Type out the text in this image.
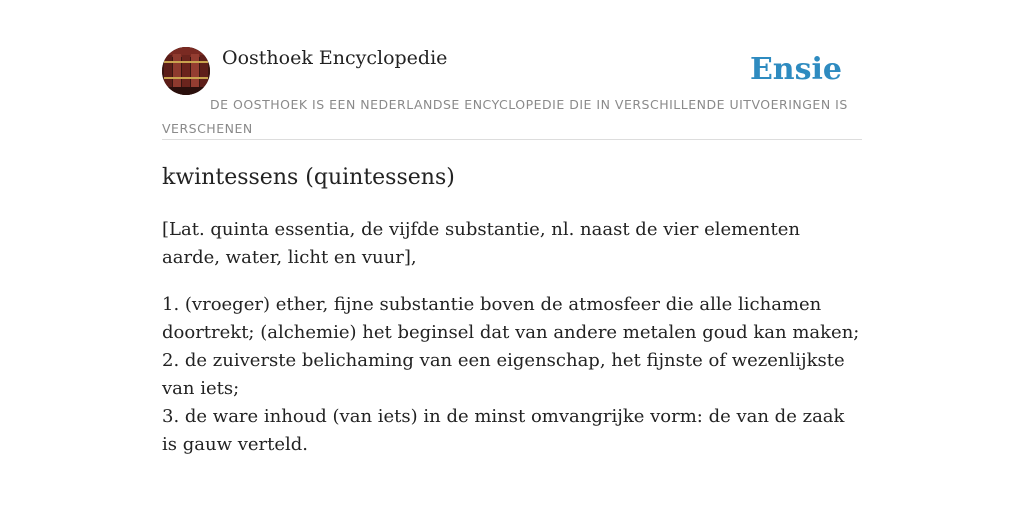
Oosthoek Encyclopedie	Ensie
DE OOSTHOEK IS EEN NEDERLANDSE ENCYCLOPEDIE DIE IN VERSCHILLENDE UITVOERINGEN IS VERSCHENEN
kwintessens (quintessens)

[Lat. quinta essentia, de vijfde substantie, nl. naast de vier elementen aarde, water, licht en vuur],

1. (vroeger) ether, fijne substantie boven de atmosfeer die alle lichamen doortrekt; (alchemie) het beginsel dat van andere metalen goud kan maken;
2. de zuiverste belichaming van een eigenschap, het fijnste of wezenlijkste van iets;
3. de ware inhoud (van iets) in de minst omvangrijke vorm: de van de zaak is gauw verteld.
